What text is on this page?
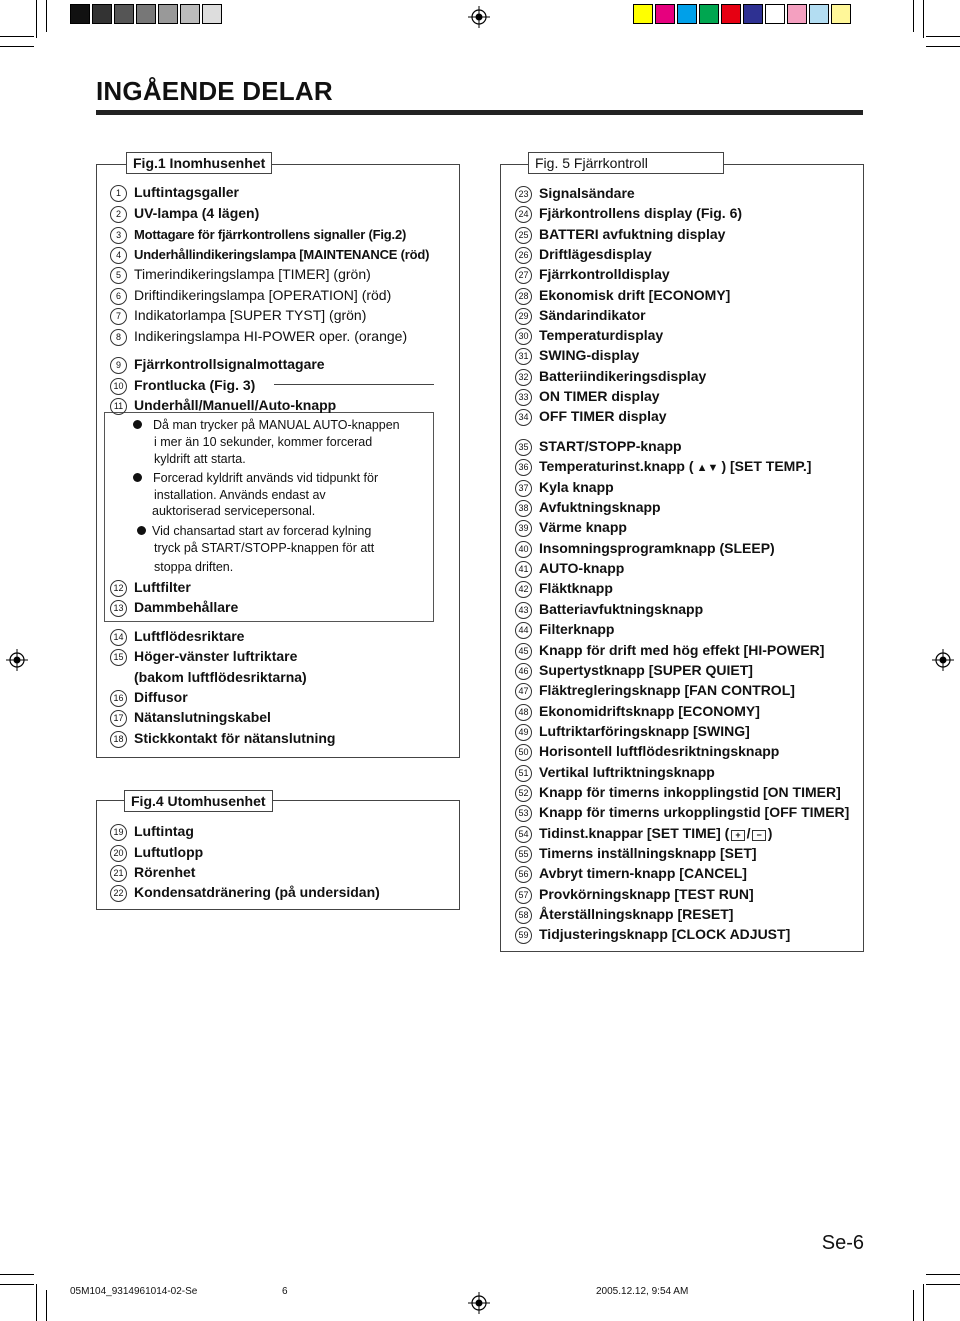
INGÅENDE DELAR
Fig.1 Inomhusenhet
1 Luftintagsgaller
2 UV-lampa (4 lägen)
3 Mottagare för fjärrkontrollens signaller (Fig.2)
4 Underhållindikeringslampa [MAINTENANCE (röd)
5 Timerindikeringslampa [TIMER] (grön)
6 Driftindikeringslampa [OPERATION] (röd)
7 Indikatorlampa [SUPER TYST] (grön)
8 Indikeringslampa HI-POWER oper. (orange)
9 Fjärrkontrollsignalmottagare
10 Frontlucka (Fig. 3)
11 Underhåll/Manuell/Auto-knapp
12 Luftfilter
13 Dammbehållare
14 Luftflödesriktare
15 Höger-vänster luftriktare
(bakom luftflödesriktarna)
16 Diffusor
17 Nätanslutningskabel
18 Stickkontakt för nätanslutning
Då man trycker på MANUAL AUTO-knappen
i mer än 10 sekunder, kommer forcerad
kyldrift att starta.
Forcerad kyldrift används vid tidpunkt för
installation. Används endast av
auktoriserad servicepersonal.
Vid chansartad start av forcerad kylning
tryck på START/STOPP-knappen för att
stoppa driften.
Fig.4 Utomhusenhet
19 Luftintag
20 Luftutlopp
21 Rörenhet
22 Kondensatdränering (på undersidan)
Fig. 5 Fjärrkontroll
23 Signalsändare
24 Fjärkontrollens display (Fig. 6)
25 BATTERI avfuktning display
26 Driftlägesdisplay
27 Fjärrkontrolldisplay
28 Ekonomisk drift [ECONOMY]
29 Sändarindikator
30 Temperaturdisplay
31 SWING-display
32 Batteriindikeringsdisplay
33 ON TIMER display
34 OFF TIMER display
35 START/STOPP-knapp
36 Temperaturinst.knapp ( ▲▼ ) [SET TEMP.]
37 Kyla knapp
38 Avfuktningsknapp
39 Värme knapp
40 Insomningsprogramknapp (SLEEP)
41 AUTO-knapp
42 Fläktknapp
43 Batteriavfuktningsknapp
44 Filterknapp
45 Knapp för drift med hög effekt [HI-POWER]
46 Supertystknapp [SUPER QUIET]
47 Fläktregleringsknapp [FAN CONTROL]
48 Ekonomidriftsknapp [ECONOMY]
49 Luftriktarföringsknapp [SWING]
50 Horisontell luftflödesriktningsknapp
51 Vertikal luftriktningsknapp
52 Knapp för timerns inkopplingstid [ON TIMER]
53 Knapp för timerns urkopplingstid [OFF TIMER]
54 Tidinst.knappar [SET TIME] ( + / − )
55 Timerns inställningsknapp [SET]
56 Avbryt timern-knapp [CANCEL]
57 Provkörningsknapp [TEST RUN]
58 Återställningsknapp [RESET]
59 Tidjusteringsknapp [CLOCK ADJUST]
Se-6
05M104_9314961014-02-Se	6	2005.12.12, 9:54 AM
